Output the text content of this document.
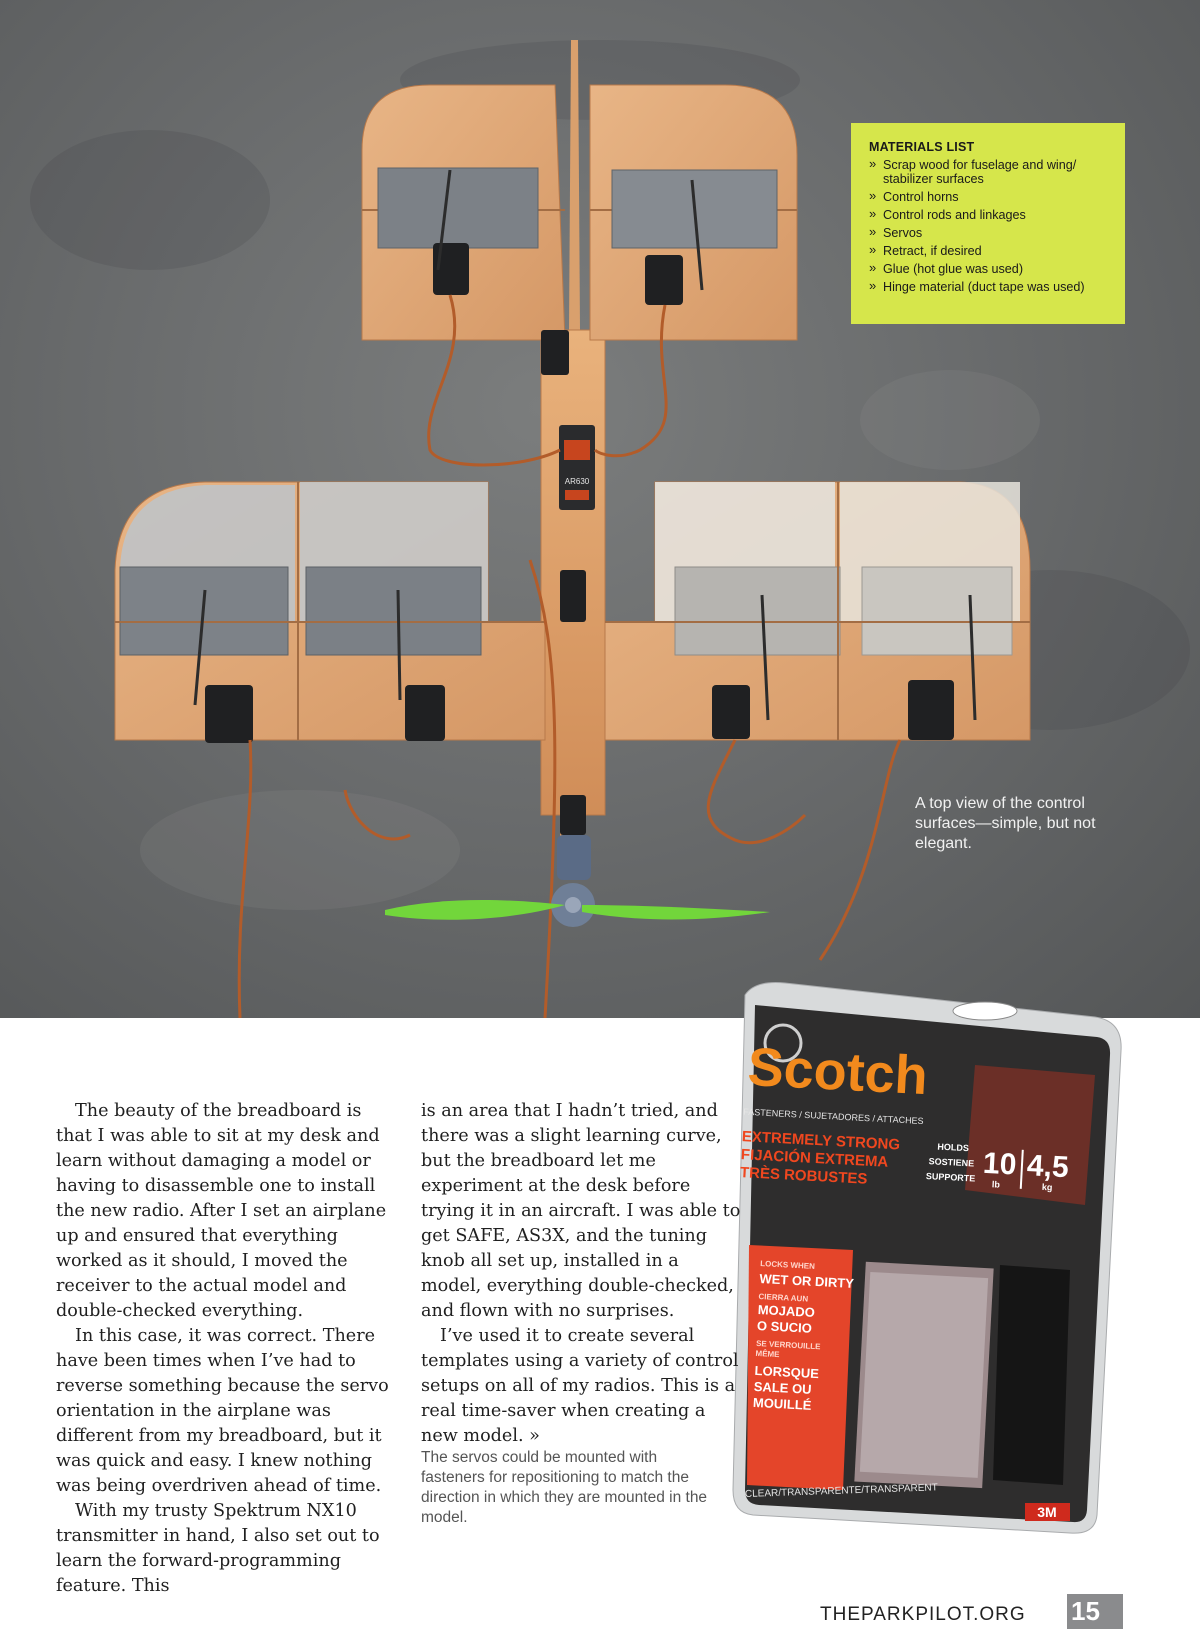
AR630
MATERIALS LIST
» Scrap wood for fuselage and wing/ stabilizer surfaces
» Control horns
» Control rods and linkages
» Servos
» Retract, if desired
» Glue (hot glue was used)
» Hinge material (duct tape was used)
A top view of the control surfaces—simple, but not elegant.
3M
Scotch
FASTENERS / SUJETADORES / ATTACHES
EXTREMELY STRONG
FIJACIÓN EXTREMA
TRÈS ROBUSTES
HOLDS
SOSTIENE
SUPPORTE 10
lb
4,5
kg
LOCKS WHEN
WET OR DIRTY
CIERRA AUN
MOJADO
O SUCIO
SE VERROUILLE
MÊME
LORSQUE
SALE OU
MOUILLÉ
CLEAR/TRANSPARENTE/TRANSPARENT

The beauty of the breadboard is that I was able to sit at my desk and learn without damaging a model or having to disassemble one to install the new radio. After I set an airplane up and ensured that everything worked as it should, I moved the receiver to the actual model and double-checked everything.

In this case, it was correct. There have been times when I’ve had to reverse something because the servo orientation in the airplane was different from my breadboard, but it was quick and easy. I knew nothing was being overdriven ahead of time.

With my trusty Spektrum NX10 transmitter in hand, I also set out to learn the forward-programming feature. This

is an area that I hadn’t tried, and there was a slight learning curve, but the breadboard let me experiment at the desk before trying it in an aircraft. I was able to get SAFE, AS3X, and the tuning knob all set up, installed in a model, everything double-checked, and flown with no surprises.

I’ve used it to create several templates using a variety of control setups on all of my radios. This is a real time-saver when creating a new model. »

The servos could be mounted with fasteners for repositioning to match the direction in which they are mounted in the model.
THEPARKPILOT.ORG 15
